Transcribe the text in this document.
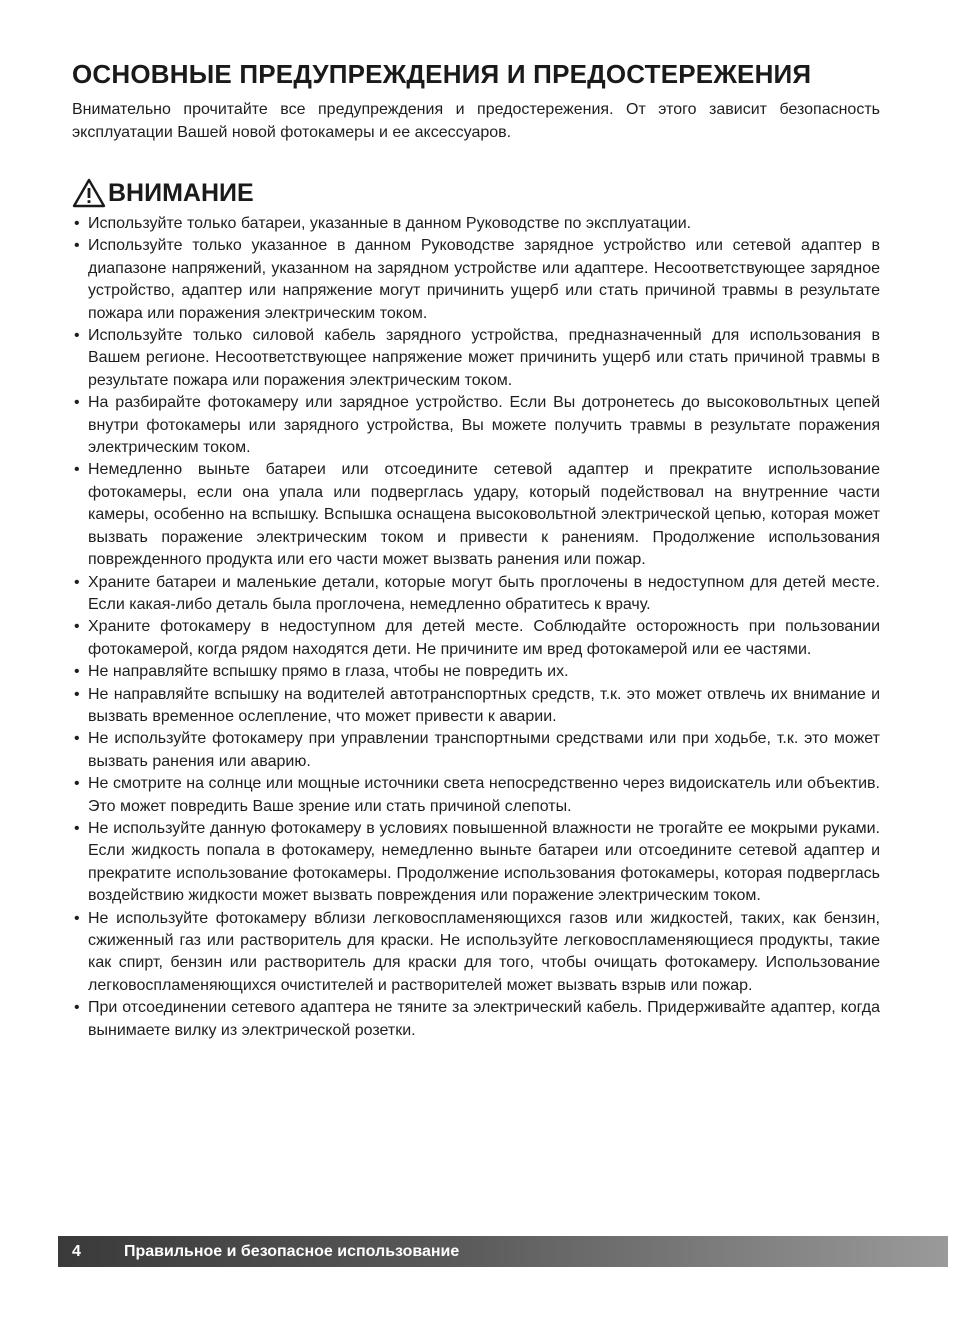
ОСНОВНЫЕ ПРЕДУПРЕЖДЕНИЯ И ПРЕДОСТЕРЕЖЕНИЯ

Внимательно прочитайте все предупреждения и предостережения. От этого зависит безопасность эксплуатации Вашей новой фотокамеры и ее аксессуаров.

ВНИМАНИЕ
• Используйте только батареи, указанные в данном Руководстве по эксплуатации.
• Используйте только указанное в данном Руководстве зарядное устройство или сетевой адаптер в диапазоне напряжений, указанном на зарядном устройстве или адаптере. Несоответствующее зарядное устройство, адаптер или напряжение могут причинить ущерб или стать причиной травмы в результате пожара или поражения электрическим током.
• Используйте только силовой кабель зарядного устройства, предназначенный для использования в Вашем регионе. Несоответствующее напряжение может причинить ущерб или стать причиной травмы в результате пожара или поражения электрическим током.
• На разбирайте фотокамеру или зарядное устройство. Если Вы дотронетесь до высоковольтных цепей внутри фотокамеры или зарядного устройства, Вы можете получить травмы в результате поражения электрическим током.
• Немедленно выньте батареи или отсоедините сетевой адаптер и прекратите использование фотокамеры, если она упала или подверглась удару, который подействовал на внутренние части камеры, особенно на вспышку. Вспышка оснащена высоковольтной электрической цепью, которая может вызвать поражение электрическим током и привести к ранениям. Продолжение использования поврежденного продукта или его части может вызвать ранения или пожар.
• Храните батареи и маленькие детали, которые могут быть проглочены в недоступном для детей месте. Если какая-либо деталь была проглочена, немедленно обратитесь к врачу.
• Храните фотокамеру в недоступном для детей месте. Соблюдайте осторожность при пользовании фотокамерой, когда рядом находятся дети. Не причините им вред фотокамерой или ее частями.
• Не направляйте вспышку прямо в глаза, чтобы не повредить их.
• Не направляйте вспышку на водителей автотранспортных средств, т.к. это может отвлечь их внимание и вызвать временное ослепление, что может привести к аварии.
• Не используйте фотокамеру при управлении транспортными средствами или при ходьбе, т.к. это может вызвать ранения или аварию.
• Не смотрите на солнце или мощные источники света непосредственно через видоискатель или объектив. Это может повредить Ваше зрение или стать причиной слепоты.
• Не используйте данную фотокамеру в условиях повышенной влажности не трогайте ее мокрыми руками. Если жидкость попала в фотокамеру, немедленно выньте батареи или отсоедините сетевой адаптер и прекратите использование фотокамеры. Продолжение использования фотокамеры, которая подверглась воздействию жидкости может вызвать повреждения или поражение электрическим током.
• Не используйте фотокамеру вблизи легковоспламеняющихся газов или жидкостей, таких, как бензин, сжиженный газ или растворитель для краски. Не используйте легковоспламеняющиеся продукты, такие как спирт, бензин или растворитель для краски для того, чтобы очищать фотокамеру. Использование легковоспламеняющихся очистителей и растворителей может вызвать взрыв или пожар.
• При отсоединении сетевого адаптера не тяните за электрический кабель. Придерживайте адаптер, когда вынимаете вилку из электрической розетки.
4	Правильное и безопасное использование
